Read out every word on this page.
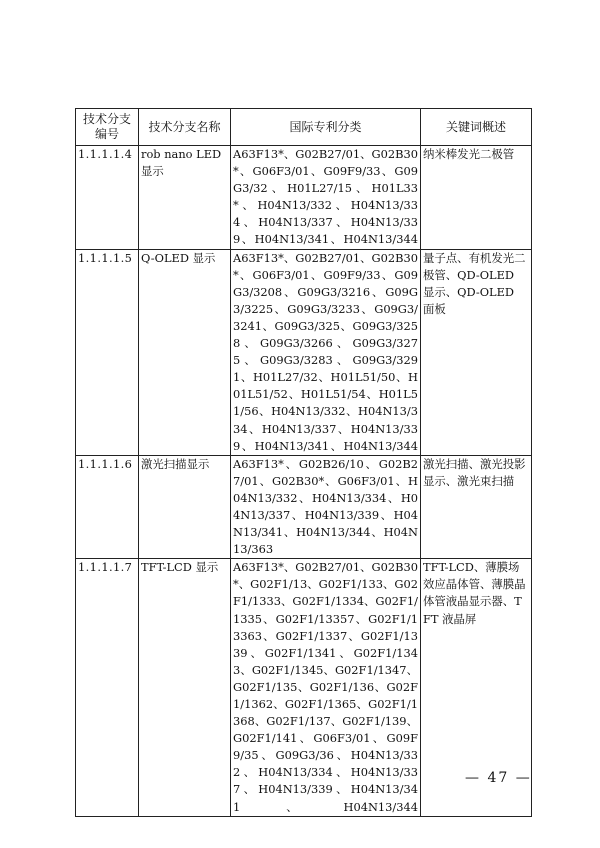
技术分支编号	技术分支名称	国际专利分类	关键词概述
1.1.1.1.4	rob nano LED 显示	A63F13*、G02B27/01、G02B30*、G06F3/01、G09F9/33、G09G3/32、H01L27/15、H01L33*、H04N13/332、H04N13/334、H04N13/337、H04N13/339、H04N13/341、H04N13/344	纳米棒发光二极管
1.1.1.1.5	Q-OLED 显示	A63F13*、G02B27/01、G02B30*、G06F3/01、G09F9/33、G09G3/3208、G09G3/3216、G09G3/3225、G09G3/3233、G09G3/3241、G09G3/325、G09G3/3258、G09G3/3266、G09G3/3275、G09G3/3283、G09G3/3291、H01L27/32、H01L51/50、H01L51/52、H01L51/54、H01L51/56、H04N13/332、H04N13/334、H04N13/337、H04N13/339、H04N13/341、H04N13/344	量子点、有机发光二极管、QD-OLED 显示、QD-OLED 面板
1.1.1.1.6	激光扫描显示	A63F13*、G02B26/10、G02B27/01、G02B30*、G06F3/01、H04N13/332、H04N13/334、H04N13/337、H04N13/339、H04N13/341、H04N13/344、H04N13/363	激光扫描、激光投影显示、激光束扫描
1.1.1.1.7	TFT-LCD 显示	A63F13*、G02B27/01、G02B30*、G02F1/13、G02F1/133、G02F1/1333、G02F1/1334、G02F1/1335、G02F1/13357、G02F1/13363、G02F1/1337、G02F1/1339、G02F1/1341、G02F1/1343、G02F1/1345、G02F1/1347、G02F1/135、G02F1/136、G02F1/1362、G02F1/1365、G02F1/1368、G02F1/137、G02F1/139、G02F1/141、G06F3/01、G09F9/35、G09G3/36、H04N13/332、H04N13/334、H04N13/337、H04N13/339、H04N13/341、H04N13/344	TFT-LCD、薄膜场效应晶体管、薄膜晶体管液晶显示器、TFT 液晶屏
— 47 —
